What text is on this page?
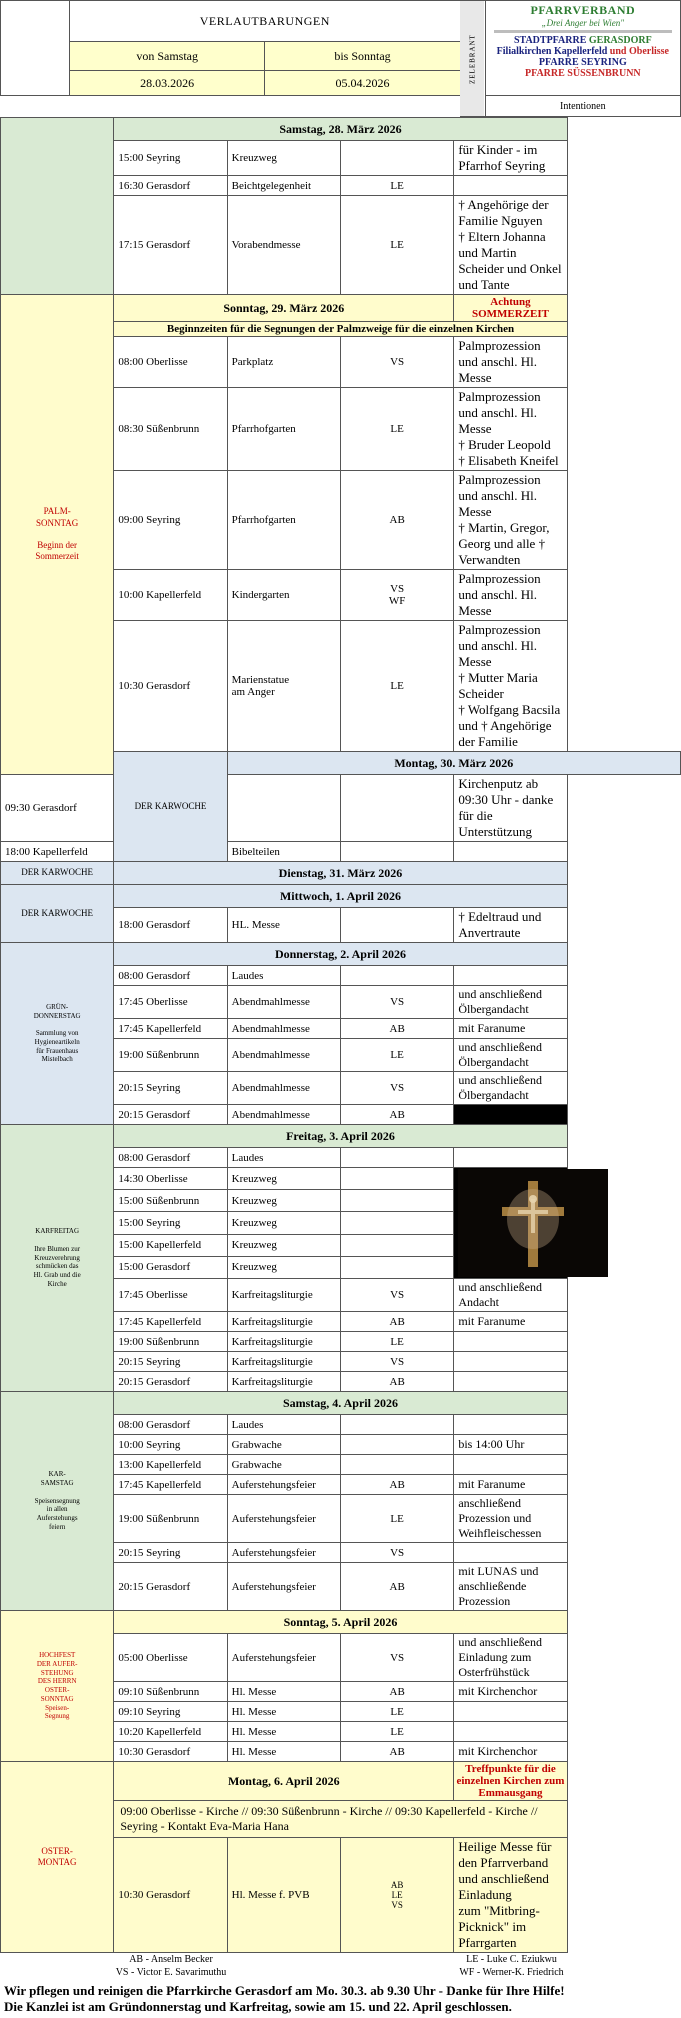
	VERLAUTBARUNGEN	ZELEBRANT	
PFARRVERBAND
„Drei Anger bei Wien"
STADTPFARRE GERASDORF
Filialkirchen Kapellerfeld und Oberlisse
PFARRE SEYRING
PFARRE SÜSSENBRUNN

	von Samstag	bis Sonntag		
	28.03.2026	05.04.2026		
				Intentionen
	Samstag, 28. März 2026			
	15:00 Seyring	Kreuzweg		für Kinder - im Pfarrhof Seyring
	16:30 Gerasdorf	Beichtgelegenheit	LE	
	17:15 Gerasdorf	Vorabendmesse	LE	† Angehörige der Familie Nguyen
† Eltern Johanna und Martin Scheider und Onkel und Tante
PALM-
SONNTAG

Beginn der
Sommerzeit	Sonntag, 29. März 2026			Achtung SOMMERZEIT
	Beginnzeiten für die Segnungen der Palmzweige für die einzelnen Kirchen			
	08:00 Oberlisse	Parkplatz	VS	Palmprozession und anschl. Hl. Messe
	08:30 Süßenbrunn	Pfarrhofgarten	LE	Palmprozession und anschl. Hl. Messe
† Bruder Leopold
† Elisabeth Kneifel
	09:00 Seyring	Pfarrhofgarten	AB	Palmprozession und anschl. Hl. Messe
† Martin, Gregor, Georg und alle † Verwandten
	10:00 Kapellerfeld	Kindergarten	VS
WF	Palmprozession und anschl. Hl. Messe
	10:30 Gerasdorf	Marienstatue
am Anger	LE	Palmprozession und anschl. Hl. Messe
† Mutter Maria Scheider
† Wolfgang Bacsila und † Angehörige der Familie
	DER KARWOCHE	Montag, 30. März 2026		
09:30 Gerasdorf				Kirchenputz ab 09:30 Uhr - danke für die Unterstützung
18:00 Kapellerfeld		Bibelteilen		
DER KARWOCHE	Dienstag, 31. März 2026			
DER KARWOCHE	Mittwoch, 1. April 2026			
	18:00 Gerasdorf	HL. Messe		† Edeltraud und Anvertraute
GRÜN-
DONNERSTAG

Sammlung von
Hygieneartikeln
für Frauenhaus
Mistelbach	Donnerstag, 2. April 2026
	08:00 Gerasdorf	Laudes		
	17:45 Oberlisse	Abendmahlmesse	VS	und anschließend Ölbergandacht
	17:45 Kapellerfeld	Abendmahlmesse	AB	mit Faranume
	19:00 Süßenbrunn	Abendmahlmesse	LE	und anschließend Ölbergandacht
	20:15 Seyring	Abendmahlmesse	VS	und anschließend Ölbergandacht
	20:15 Gerasdorf	Abendmahlmesse	AB	.
KARFREITAG

Ihre Blumen zur
Kreuzverehrung
schmücken das
Hl. Grab und die
Kirche	Freitag, 3. April 2026
	08:00 Gerasdorf	Laudes		
	14:30 Oberlisse	Kreuzweg		

	15:00 Süßenbrunn	Kreuzweg		
	15:00 Seyring	Kreuzweg		
	15:00 Kapellerfeld	Kreuzweg		
	15:00 Gerasdorf	Kreuzweg		
	17:45 Oberlisse	Karfreitagsliturgie	VS	und anschließend Andacht
	17:45 Kapellerfeld	Karfreitagsliturgie	AB	mit Faranume
	19:00 Süßenbrunn	Karfreitagsliturgie	LE	
	20:15 Seyring	Karfreitagsliturgie	VS	
	20:15 Gerasdorf	Karfreitagsliturgie	AB	
KAR-
SAMSTAG

Speisensegnung
in allen
Auferstehungs
feiern	Samstag, 4. April 2026
	08:00 Gerasdorf	Laudes		
	10:00 Seyring	Grabwache		bis 14:00 Uhr
	13:00 Kapellerfeld	Grabwache		
	17:45 Kapellerfeld	Auferstehungsfeier	AB	mit Faranume
	19:00 Süßenbrunn	Auferstehungsfeier	LE	anschließend Prozession und Weihfleischessen
	20:15 Seyring	Auferstehungsfeier	VS	
	20:15 Gerasdorf	Auferstehungsfeier	AB	mit LUNAS und anschließende Prozession
HOCHFEST
DER AUFER-
STEHUNG
DES HERRN
OSTER-
SONNTAG
Speisen-
Segnung	Sonntag, 5. April 2026
	05:00 Oberlisse	Auferstehungsfeier	VS	und anschließend Einladung zum Osterfrühstück
	09:10 Süßenbrunn	Hl. Messe	AB	mit Kirchenchor
	09:10 Seyring	Hl. Messe	LE	
	10:20 Kapellerfeld	Hl. Messe	LE	
	10:30 Gerasdorf	Hl. Messe	AB	mit Kirchenchor
OSTER-
MONTAG	Montag, 6. April 2026			Treffpunkte für die einzelnen Kirchen zum Emmausgang
	09:00 Oberlisse - Kirche // 09:30 Süßenbrunn - Kirche // 09:30 Kapellerfeld - Kirche // Seyring - Kontakt Eva-Maria Hana			
	10:30 Gerasdorf	Hl. Messe f. PVB	AB
LE
VS	Heilige Messe für den Pfarrverband und anschließend Einladung
zum "Mitbring-Picknick" im Pfarrgarten
AB - Anselm Becker	LE - Luke C. Eziukwu
VS - Victor E. Savarimuthu	WF - Werner-K. Friedrich
Wir pflegen und reinigen die Pfarrkirche Gerasdorf am Mo. 30.3. ab 9.30 Uhr - Danke für Ihre Hilfe!
Die Kanzlei ist am Gründonnerstag und Karfreitag, sowie am 15. und 22. April geschlossen.
